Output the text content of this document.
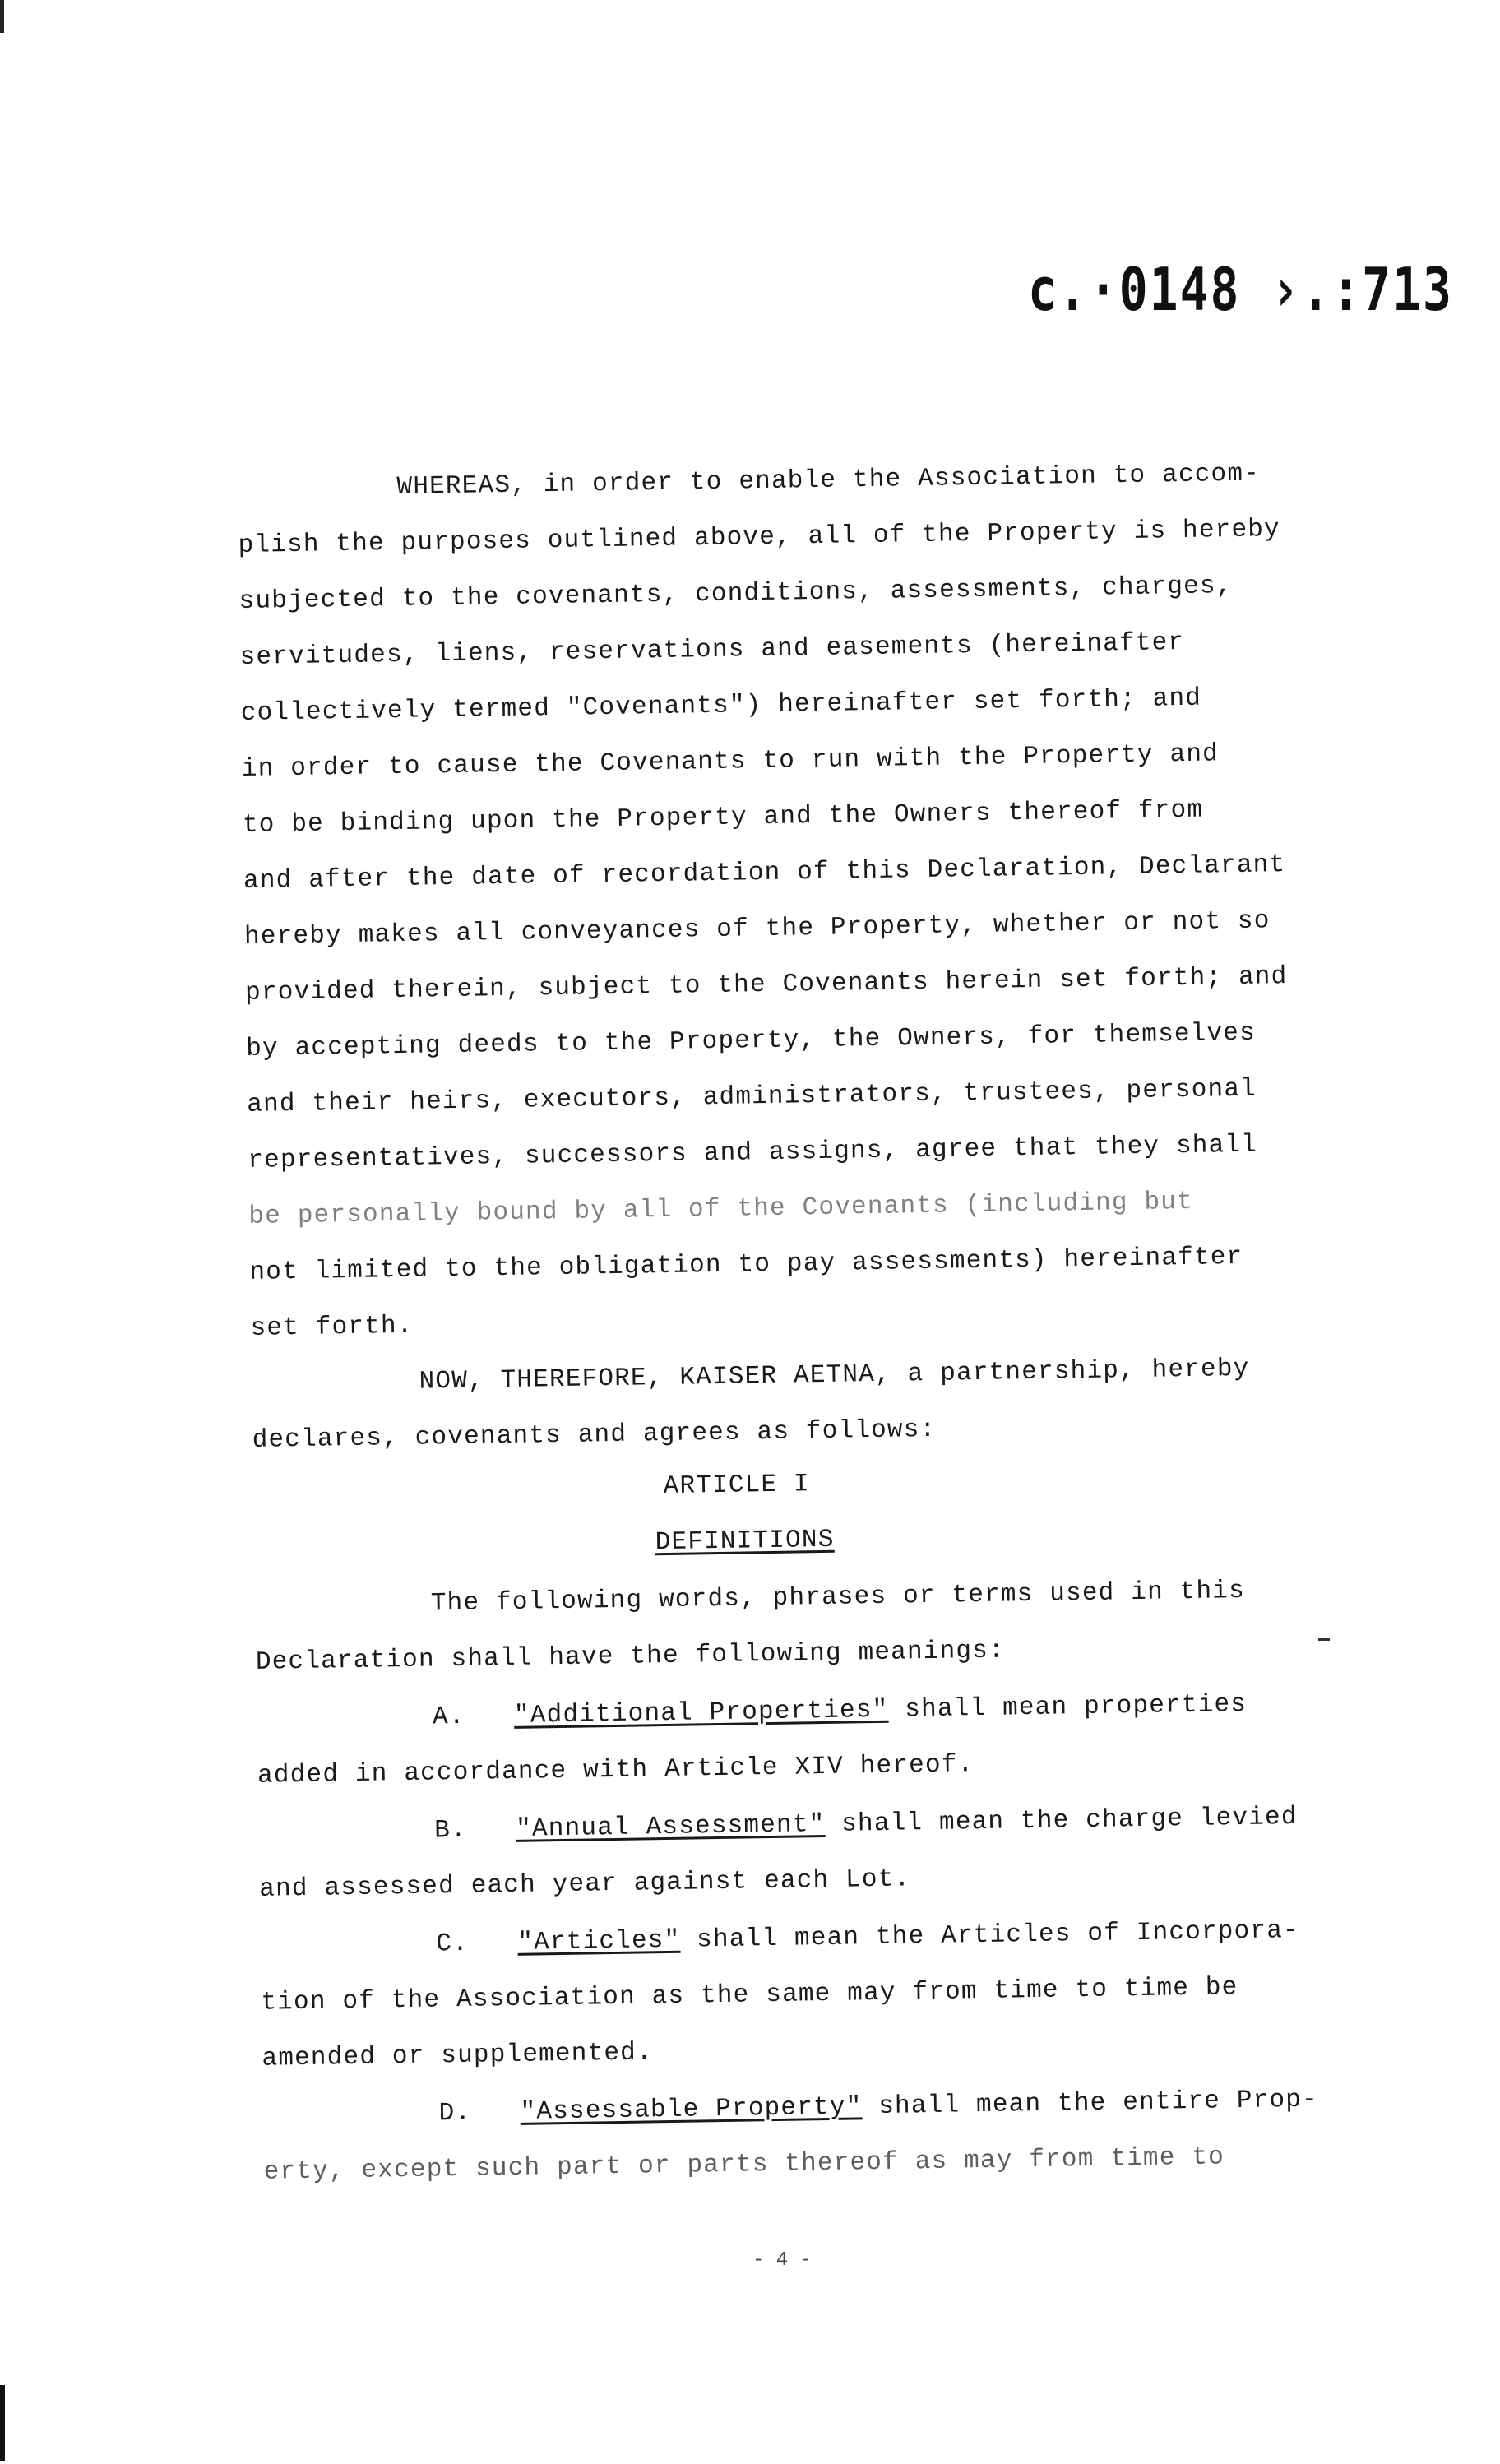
c.·0148 ›.:713
WHEREAS, in order to enable the Association to accom-
plish the purposes outlined above, all of the Property is hereby
subjected to the covenants, conditions, assessments, charges,
servitudes, liens, reservations and easements (hereinafter
collectively termed "Covenants") hereinafter set forth; and
in order to cause the Covenants to run with the Property and
to be binding upon the Property and the Owners thereof from
and after the date of recordation of this Declaration, Declarant
hereby makes all conveyances of the Property, whether or not so
provided therein, subject to the Covenants herein set forth; and
by accepting deeds to the Property, the Owners, for themselves
and their heirs, executors, administrators, trustees, personal
representatives, successors and assigns, agree that they shall
be personally bound by all of the Covenants (including but
not limited to the obligation to pay assessments) hereinafter
set forth.
NOW, THEREFORE, KAISER AETNA, a partnership, hereby
declares, covenants and agrees as follows:
ARTICLE I
DEFINITIONS
The following words, phrases or terms used in this
Declaration shall have the following meanings:
A. "Additional Properties" shall mean properties
added in accordance with Article XIV hereof.
B. "Annual Assessment" shall mean the charge levied
and assessed each year against each Lot.
C. "Articles" shall mean the Articles of Incorpora-
tion of the Association as the same may from time to time be
amended or supplemented.
D. "Assessable Property" shall mean the entire Prop-
erty, except such part or parts thereof as may from time to
- 4 -
